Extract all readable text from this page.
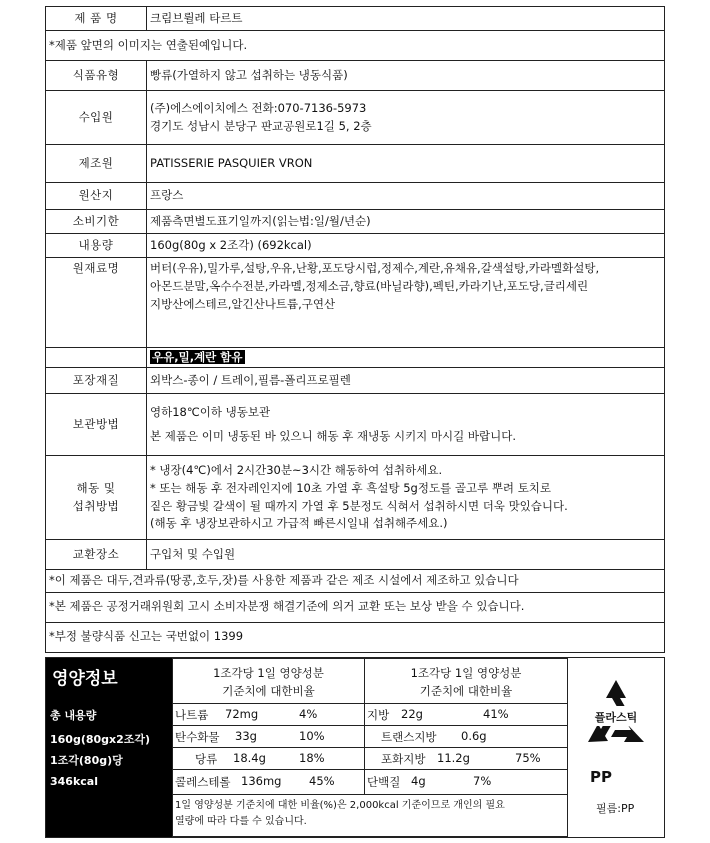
제 품 명	크림브륄레 타르트
*제품 앞면의 이미지는 연출된예입니다.	
식품유형	빵류(가열하지 않고 섭취하는 냉동식품)
수입원	(주)에스에이치에스 전화:070-7136-5973
경기도 성남시 분당구 판교공원로1길 5, 2층

제조원	PATISSERIE PASQUIER VRON
원산지	프랑스
소비기한	제품측면별도표기일까지(읽는법:일/월/년순)
내용량	160g(80g x 2조각) (692kcal)
원재료명	버터(우유),밀가루,설탕,우유,난황,포도당시럽,정제수,계란,유채유,갈색설탕,카라멜화설탕,
아몬드분말,옥수수전분,카라멜,정제소금,향료(바닐라향),펙틴,카라기난,포도당,글리세린
지방산에스테르,알긴산나트륨,구연산

	우유,밀,계란 함유
포장재질	외박스-종이 / 트레이,필름-폴리프로필렌
보관방법	영하18℃이하 냉동보관
본 제품은 이미 냉동된 바 있으니 해동 후 재냉동 시키지 마시길 바랍니다.

해동 및
섭취방법	* 냉장(4℃)에서 2시간30분~3시간 해동하여 섭취하세요.
* 또는 해동 후 전자레인지에 10초 가열 후 흑설탕 5g정도를 골고루 뿌려 토치로
짙은 황금빛 갈색이 될 때까지 가열 후 5분정도 식혀서 섭취하시면 더욱 맛있습니다.
(해동 후 냉장보관하시고 가급적 빠른시일내 섭취해주세요.)

교환장소	구입처 및 수입원
*이 제품은 대두,견과류(땅콩,호두,잣)를 사용한 제품과 같은 제조 시설에서 제조하고 있습니다	
*본 제품은 공정거래위원회 고시 소비자분쟁 해결기준에 의거 교환 또는 보상 받을 수 있습니다.	
*부정 불량식품 신고는 국번없이 1399	
영양정보
총 내용량
160g(80gx2조각)
1조각(80g)당
346kcal
1조각당 1일 영양성분
기준치에 대한비율
1조각당 1일 영양성분
기준치에 대한비율
나트륨 72mg	4%	지방 22g	41%
탄수화물 33g	10%	트랜스지방 0.6g
당류 18.4g	18%	포화지방 11.2g	75%
콜레스테롤 136mg 45%	단백질 4g	7%
1일 영양성분 기준치에 대한 비율(%)은 2,000kcal 기준이므로 개인의 필요
열량에 따라 다를 수 있습니다.
플라스틱
PP
필름:PP
